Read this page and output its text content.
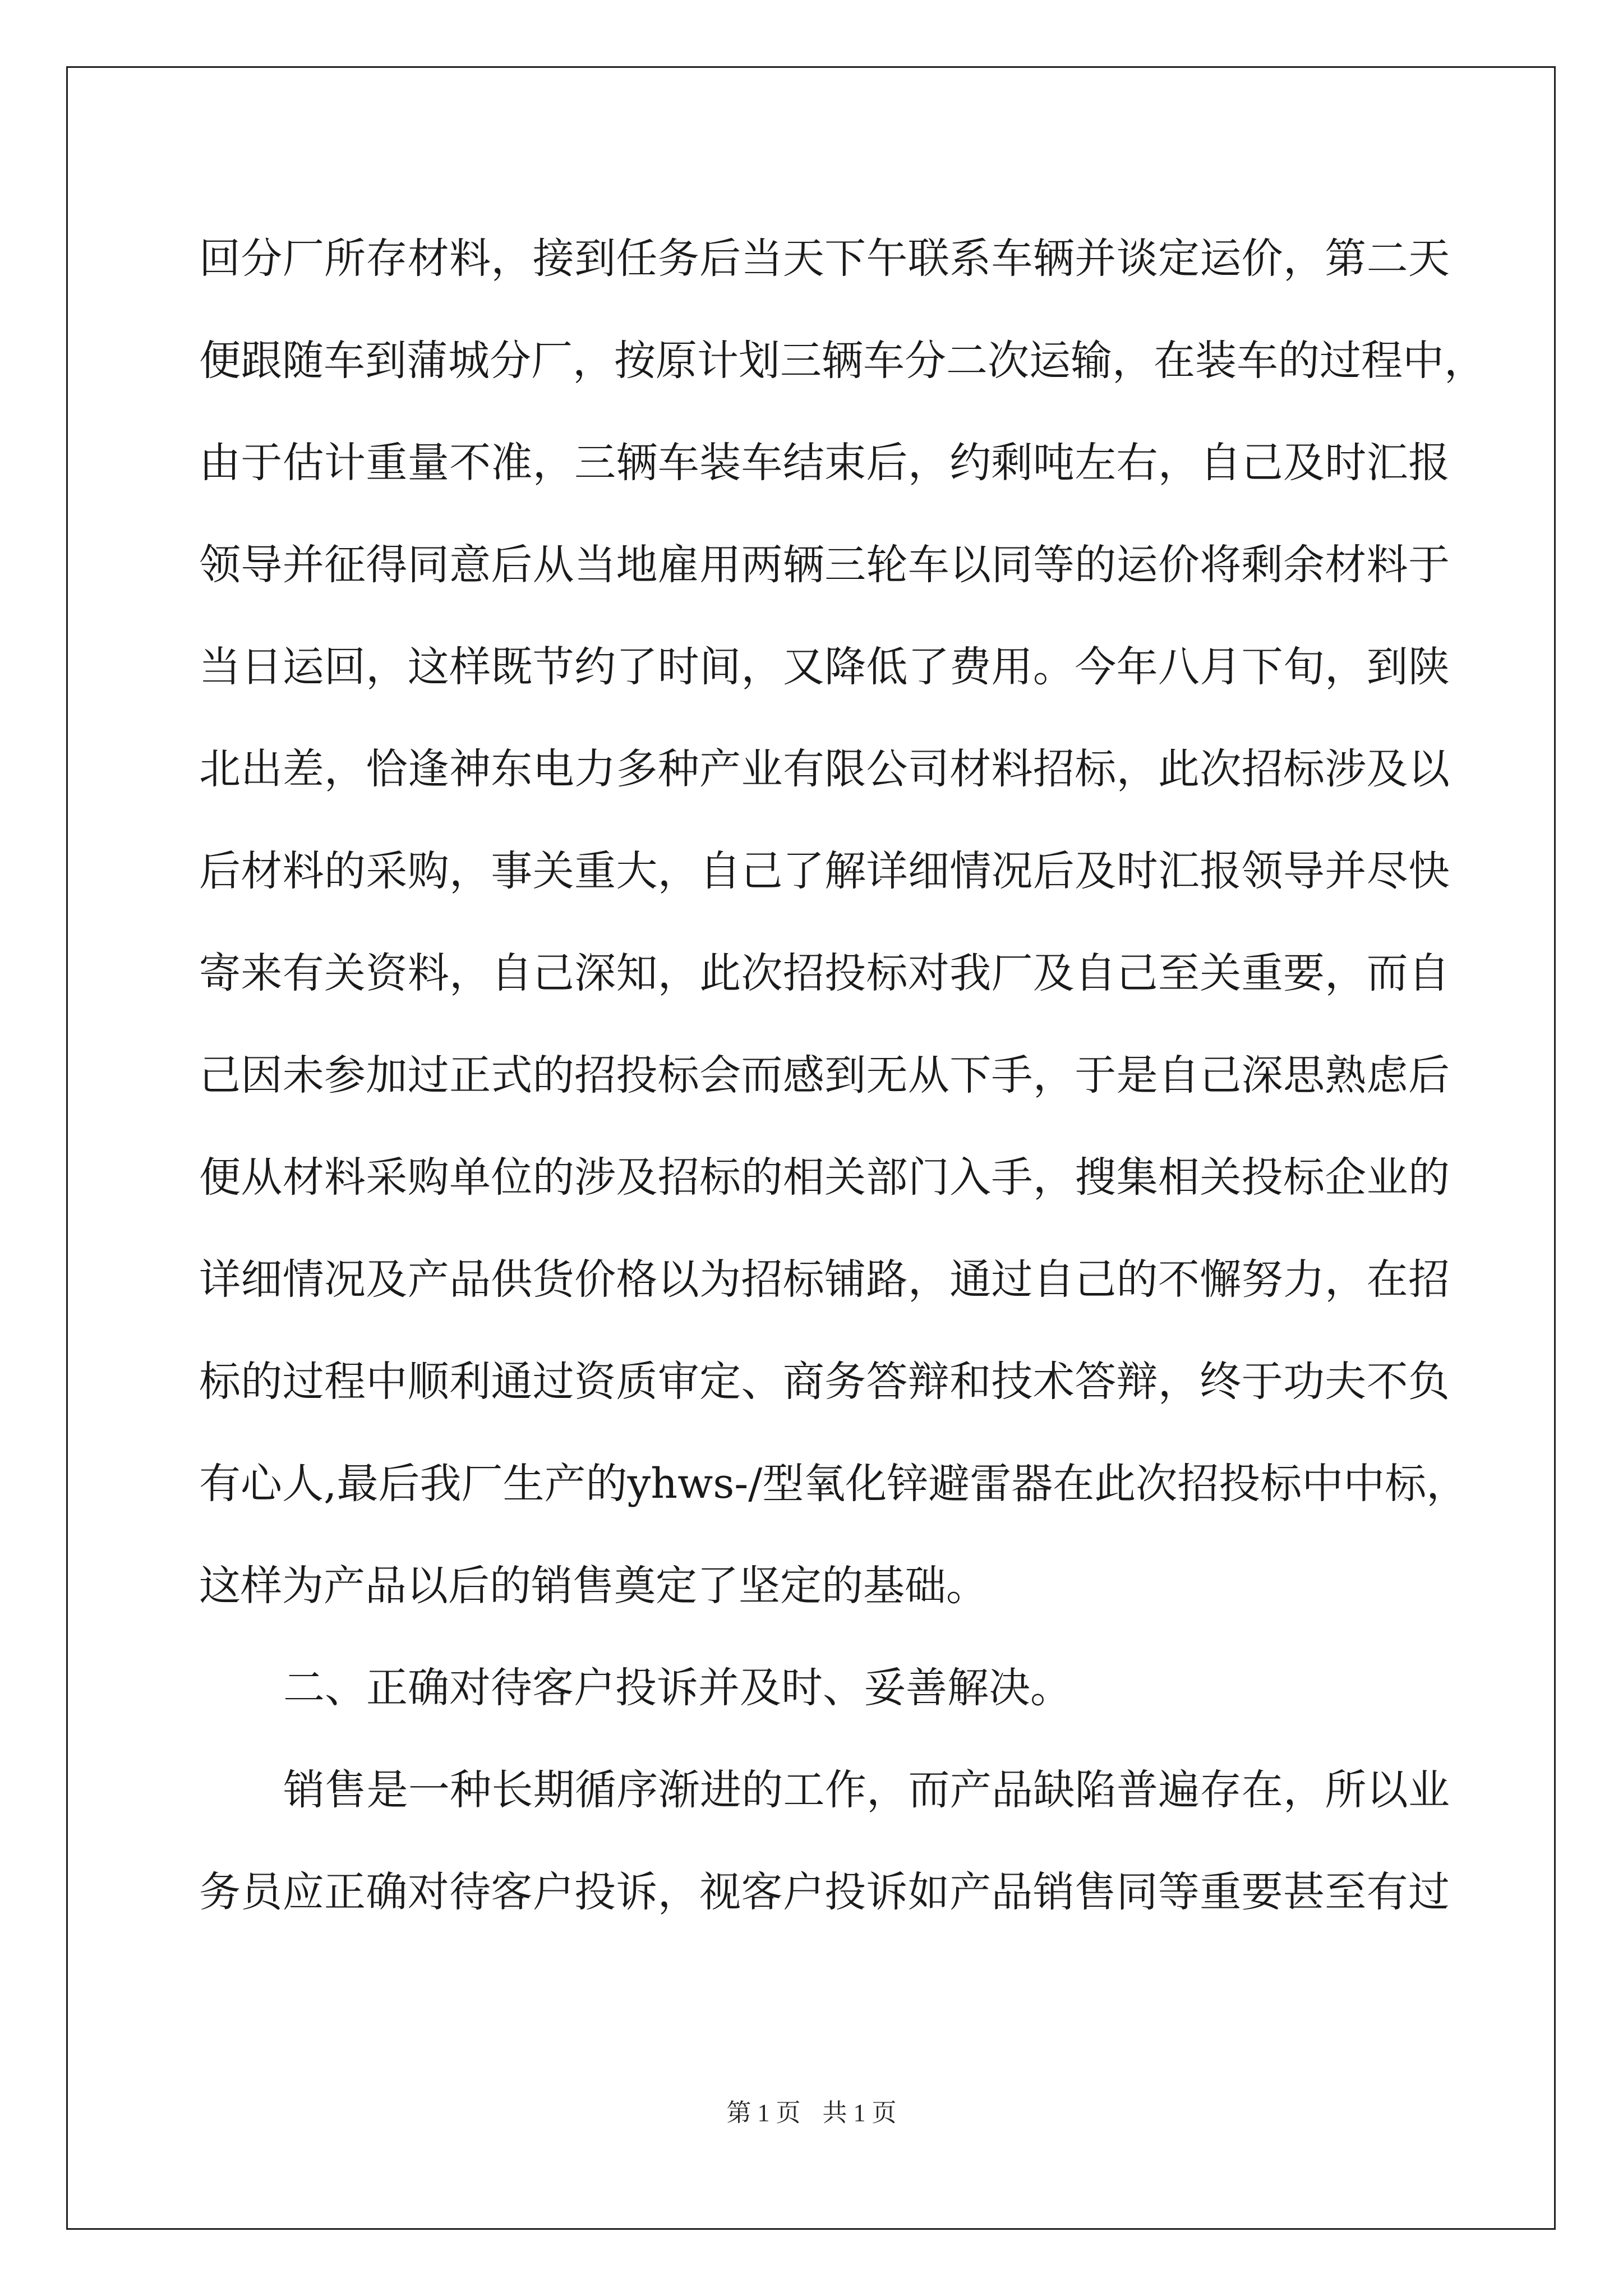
回分厂所存材料，接到任务后当天下午联系车辆并谈定运价，第二天
便跟随车到蒲城分厂，按原计划三辆车分二次运输，在装车的过程中，
由于估计重量不准，三辆车装车结束后，约剩吨左右，自己及时汇报
领导并征得同意后从当地雇用两辆三轮车以同等的运价将剩余材料于
当日运回，这样既节约了时间，又降低了费用。今年八月下旬，到陕
北出差，恰逢神东电力多种产业有限公司材料招标，此次招标涉及以
后材料的采购，事关重大，自己了解详细情况后及时汇报领导并尽快
寄来有关资料，自己深知，此次招投标对我厂及自己至关重要，而自
己因未参加过正式的招投标会而感到无从下手，于是自己深思熟虑后
便从材料采购单位的涉及招标的相关部门入手，搜集相关投标企业的
详细情况及产品供货价格以为招标铺路，通过自己的不懈努力，在招
标的过程中顺利通过资质审定、商务答辩和技术答辩，终于功夫不负
有心人,最后我厂生产的yhws-/型氧化锌避雷器在此次招投标中中标，
这样为产品以后的销售奠定了坚定的基础。
二、正确对待客户投诉并及时、妥善解决。
销售是一种长期循序渐进的工作，而产品缺陷普遍存在，所以业
务员应正确对待客户投诉，视客户投诉如产品销售同等重要甚至有过
第 1 页 共 1 页
